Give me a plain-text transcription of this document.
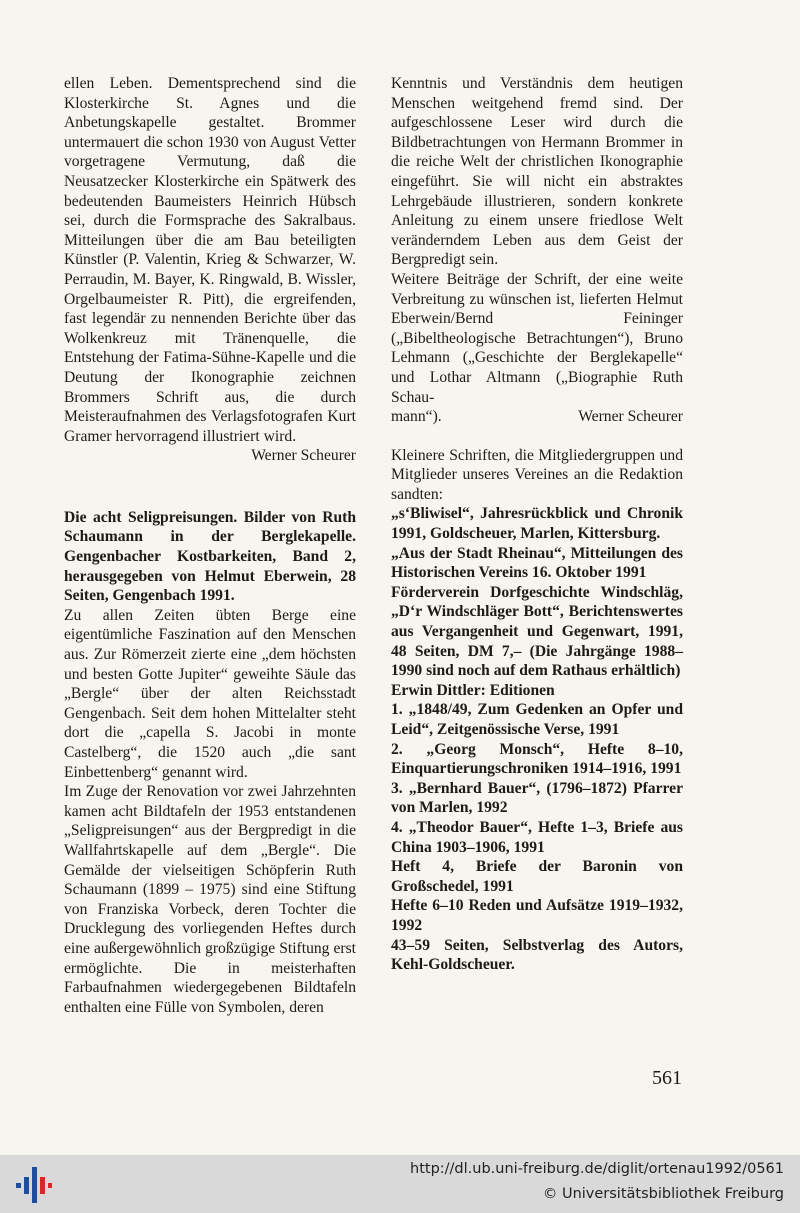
ellen Leben. Dementsprechend sind die Klosterkirche St. Agnes und die Anbetungskapelle gestaltet. Brommer untermauert die schon 1930 von August Vetter vorgetragene Vermutung, daß die Neusatzecker Klosterkirche ein Spätwerk des bedeutenden Baumeisters Heinrich Hübsch sei, durch die Formsprache des Sakralbaus. Mitteilungen über die am Bau beteiligten Künstler (P. Valentin, Krieg & Schwarzer, W. Perraudin, M. Bayer, K. Ringwald, B. Wissler, Orgelbaumeister R. Pitt), die ergreifenden, fast legendär zu nennenden Berichte über das Wolkenkreuz mit Tränenquelle, die Entstehung der Fatima-Sühne-Kapelle und die Deutung der Ikonographie zeichnen Brommers Schrift aus, die durch Meisteraufnahmen des Verlagsfotografen Kurt Gramer hervorragend illustriert wird.

Werner Scheurer

Die acht Seligpreisungen. Bilder von Ruth Schaumann in der Berglekapelle. Gengenbacher Kostbarkeiten, Band 2, herausgegeben von Helmut Eberwein, 28 Seiten, Gengenbach 1991.

Zu allen Zeiten übten Berge eine eigentümliche Faszination auf den Menschen aus. Zur Römerzeit zierte eine „dem höchsten und besten Gotte Jupiter“ geweihte Säule das „Bergle“ über der alten Reichsstadt Gengenbach. Seit dem hohen Mittelalter steht dort die „capella S. Jacobi in monte Castelberg“, die 1520 auch „die sant Einbettenberg“ genannt wird.

Im Zuge der Renovation vor zwei Jahrzehnten kamen acht Bildtafeln der 1953 entstandenen „Seligpreisungen“ aus der Bergpredigt in die Wallfahrtskapelle auf dem „Bergle“. Die Gemälde der vielseitigen Schöpferin Ruth Schaumann (1899 – 1975) sind eine Stiftung von Franziska Vorbeck, deren Tochter die Drucklegung des vorliegenden Heftes durch eine außergewöhnlich großzügige Stiftung erst ermöglichte. Die in meisterhaften Farbaufnahmen wiedergegebenen Bildtafeln enthalten eine Fülle von Symbolen, deren

Kenntnis und Verständnis dem heutigen Menschen weitgehend fremd sind. Der aufgeschlossene Leser wird durch die Bildbetrachtungen von Hermann Brommer in die reiche Welt der christlichen Ikonographie eingeführt. Sie will nicht ein abstraktes Lehrgebäude illustrieren, sondern konkrete Anleitung zu einem unsere friedlose Welt veränderndem Leben aus dem Geist der Bergpredigt sein.

Weitere Beiträge der Schrift, der eine weite Verbreitung zu wünschen ist, lieferten Helmut Eberwein/Bernd Feininger („Bibeltheologische Betrachtungen“), Bruno Lehmann („Geschichte der Berglekapelle“ und Lothar Altmann („Biographie Ruth Schau-

mann“).	Werner Scheurer

Kleinere Schriften, die Mitgliedergruppen und Mitglieder unseres Vereines an die Redaktion sandten:

„s‘Bliwisel“, Jahresrückblick und Chronik 1991, Goldscheuer, Marlen, Kittersburg.

„Aus der Stadt Rheinau“, Mitteilungen des Historischen Vereins 16. Oktober 1991

Förderverein Dorfgeschichte Windschläg, „D‘r Windschläger Bott“, Berichtenswertes aus Vergangenheit und Gegenwart, 1991, 48 Seiten, DM 7,– (Die Jahrgänge 1988–1990 sind noch auf dem Rathaus erhältlich)

Erwin Dittler: Editionen

1. „1848/49, Zum Gedenken an Opfer und Leid“, Zeitgenössische Verse, 1991

2. „Georg Monsch“, Hefte 8–10, Einquartierungschroniken 1914–1916, 1991

3. „Bernhard Bauer“, (1796–1872) Pfarrer von Marlen, 1992

4. „Theodor Bauer“, Hefte 1–3, Briefe aus China 1903–1906, 1991

Heft 4, Briefe der Baronin von Großschedel, 1991

Hefte 6–10 Reden und Aufsätze 1919–1932, 1992

43–59 Seiten, Selbstverlag des Autors, Kehl-Goldscheuer.

561
http://dl.ub.uni-freiburg.de/diglit/ortenau1992/0561
© Universitätsbibliothek Freiburg
